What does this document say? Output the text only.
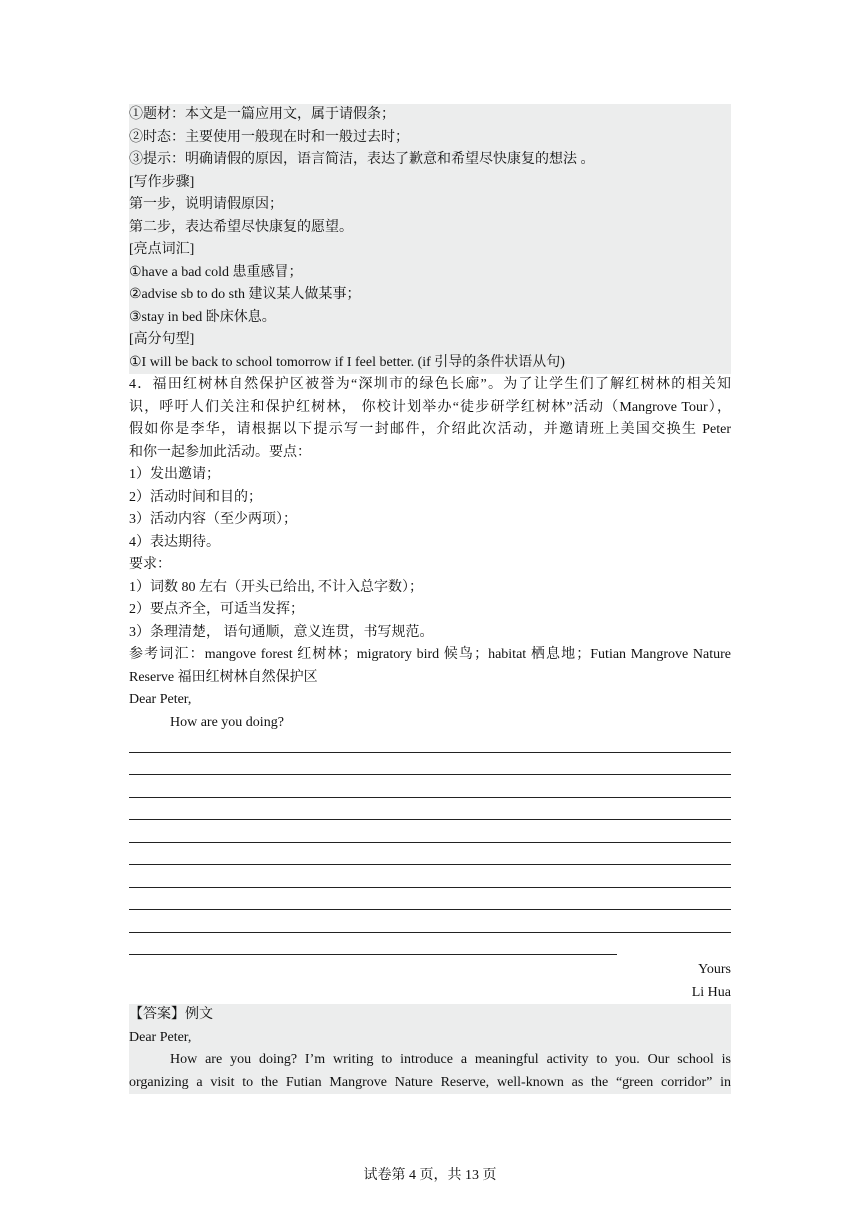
①题材：本文是一篇应用文，属于请假条；
②时态：主要使用一般现在时和一般过去时；
③提示：明确请假的原因，语言简洁，表达了歉意和希望尽快康复的想法 。
[写作步骤]
第一步，说明请假原因；
第二步，表达希望尽快康复的愿望。
[亮点词汇]
①have a bad cold 患重感冒；
②advise sb to do sth 建议某人做某事；
③stay in bed 卧床休息。
[高分句型]
①I will be back to school tomorrow if I feel better. (if 引导的条件状语从句)
4．福田红树林自然保护区被誉为“深圳市的绿色长廊”。为了让学生们了解红树林的相关知
识，呼吁人们关注和保护红树林， 你校计划举办“徒步研学红树林”活动（Mangrove Tour），
假如你是李华，请根据以下提示写一封邮件，介绍此次活动，并邀请班上美国交换生 Peter
和你一起参加此活动。要点：
1）发出邀请；
2）活动时间和目的；
3）活动内容（至少两项）；
4）表达期待。
要求：
1）词数 80 左右（开头已给出, 不计入总字数）；
2）要点齐全，可适当发挥；
3）条理清楚， 语句通顺，意义连贯，书写规范。
参考词汇：mangove forest 红树林；migratory bird 候鸟；habitat 栖息地；Futian Mangrove Nature
Reserve 福田红树林自然保护区
Dear Peter,
How are you doing?
Yours
Li Hua
【答案】例文
Dear Peter,
How are you doing? I’m writing to introduce a meaningful activity to you. Our school is
organizing a visit to the Futian Mangrove Nature Reserve, well-known as the “green corridor” in
试卷第 4 页，共 13 页
